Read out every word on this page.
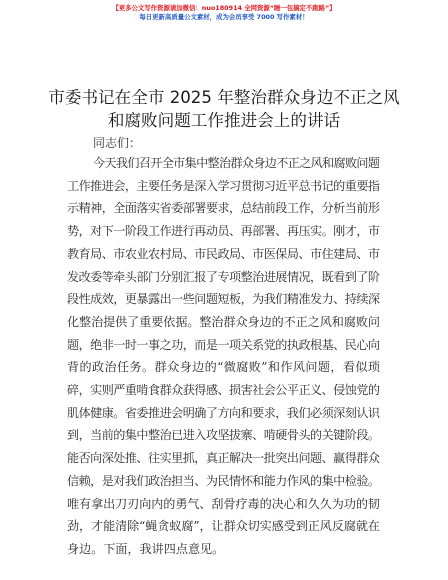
【更多公文写作资源请加微信：nuo180914 全网资源“睡一包搞定不跑路”】
每日更新高质量公文素材，成为会员享受 7000 写作素材！
市委书记在全市 2025 年整治群众身边不正之风
和腐败问题工作推进会上的讲话
同志们：
今天我们召开全市集中整治群众身边不正之风和腐败问题
工作推进会，主要任务是深入学习贯彻习近平总书记的重要指
示精神，全面落实省委部署要求，总结前段工作，分析当前形
势，对下一阶段工作进行再动员、再部署、再压实。刚才，市
教育局、市农业农村局、市民政局、市医保局、市住建局、市
发改委等牵头部门分别汇报了专项整治进展情况，既看到了阶
段性成效，更暴露出一些问题短板，为我们精准发力、持续深
化整治提供了重要依据。整治群众身边的不正之风和腐败问
题，绝非一时一事之功，而是一项关系党的执政根基、民心向
背的政治任务。群众身边的“微腐败”和作风问题，看似琐
碎，实则严重啃食群众获得感、损害社会公平正义、侵蚀党的
肌体健康。省委推进会明确了方向和要求，我们必须深刻认识
到，当前的集中整治已进入攻坚拔寨、啃硬骨头的关键阶段。
能否向深处推、往实里抓，真正解决一批突出问题、赢得群众
信赖，是对我们政治担当、为民情怀和能力作风的集中检验。
唯有拿出刀刃向内的勇气、刮骨疗毒的决心和久久为功的韧
劲，才能清除“蝇贪蚁腐”，让群众切实感受到正风反腐就在
身边。下面，我讲四点意见。
